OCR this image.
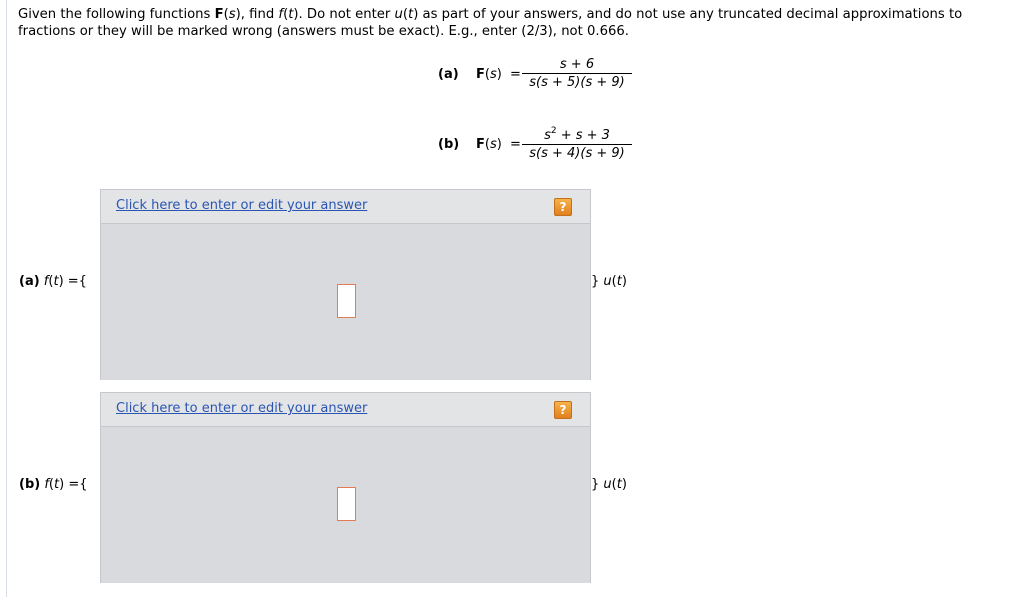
Given the following functions F(s), find f(t). Do not enter u(t) as part of your answers, and do not use any truncated decimal approximations to fractions or they will be marked wrong (answers must be exact). E.g., enter (2/3), not 0.666.
(a) F(s) =
s + 6
s(s + 5)(s + 9)
(b) F(s) =
$s^2 + s + 3$
s(s + 4)(s + 9)
(a) f(t) ={
Click here to enter or edit your answer	?
} u(t)
(b) f(t) ={
Click here to enter or edit your answer	?
} u(t)
